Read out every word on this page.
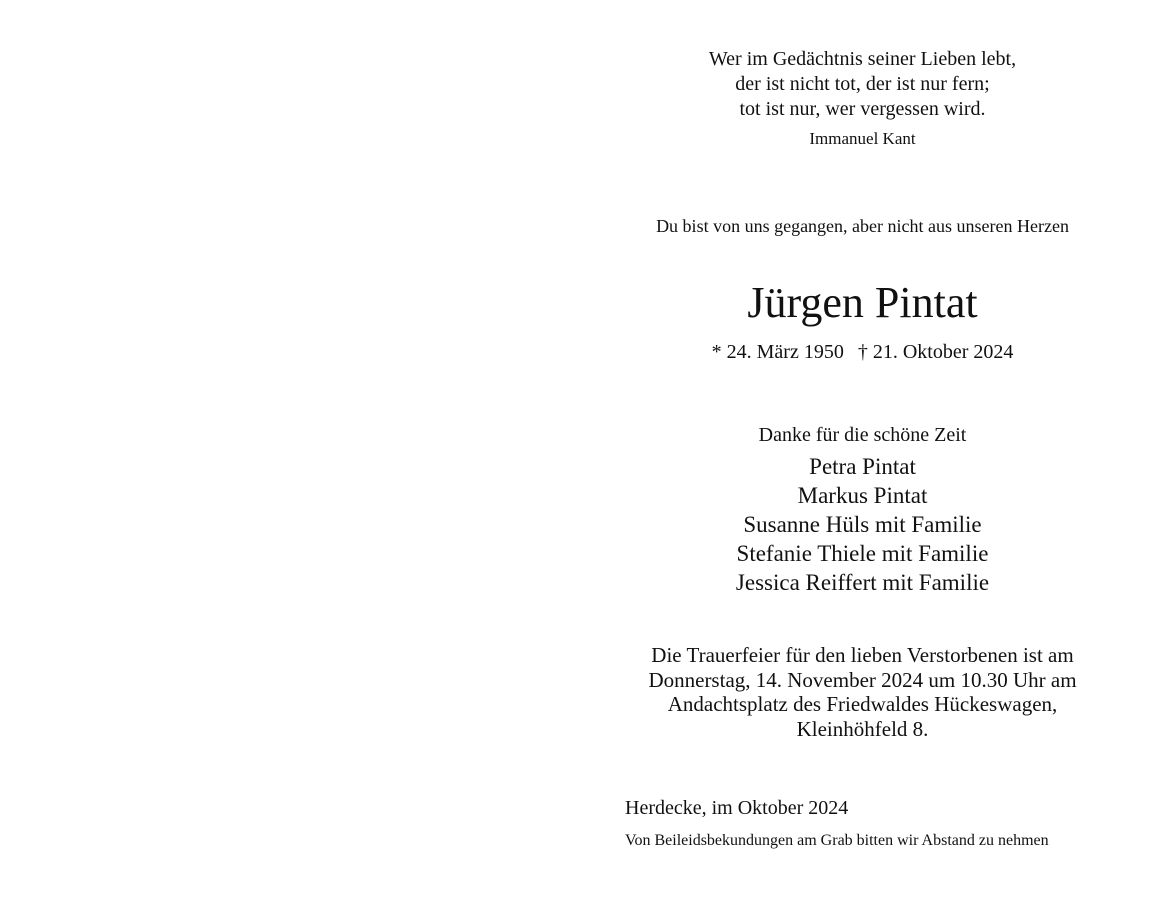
Wer im Gedächtnis seiner Lieben lebt,
der ist nicht tot, der ist nur fern;
tot ist nur, wer vergessen wird.
Immanuel Kant
Du bist von uns gegangen, aber nicht aus unseren Herzen
Jürgen Pintat
* 24. März 1950 † 21. Oktober 2024
Danke für die schöne Zeit
Petra Pintat
Markus Pintat
Susanne Hüls mit Familie
Stefanie Thiele mit Familie
Jessica Reiffert mit Familie
Die Trauerfeier für den lieben Verstorbenen ist am
Donnerstag, 14. November 2024 um 10.30 Uhr am
Andachtsplatz des Friedwaldes Hückeswagen,
Kleinhöhfeld 8.
Herdecke, im Oktober 2024
Von Beileidsbekundungen am Grab bitten wir Abstand zu nehmen
